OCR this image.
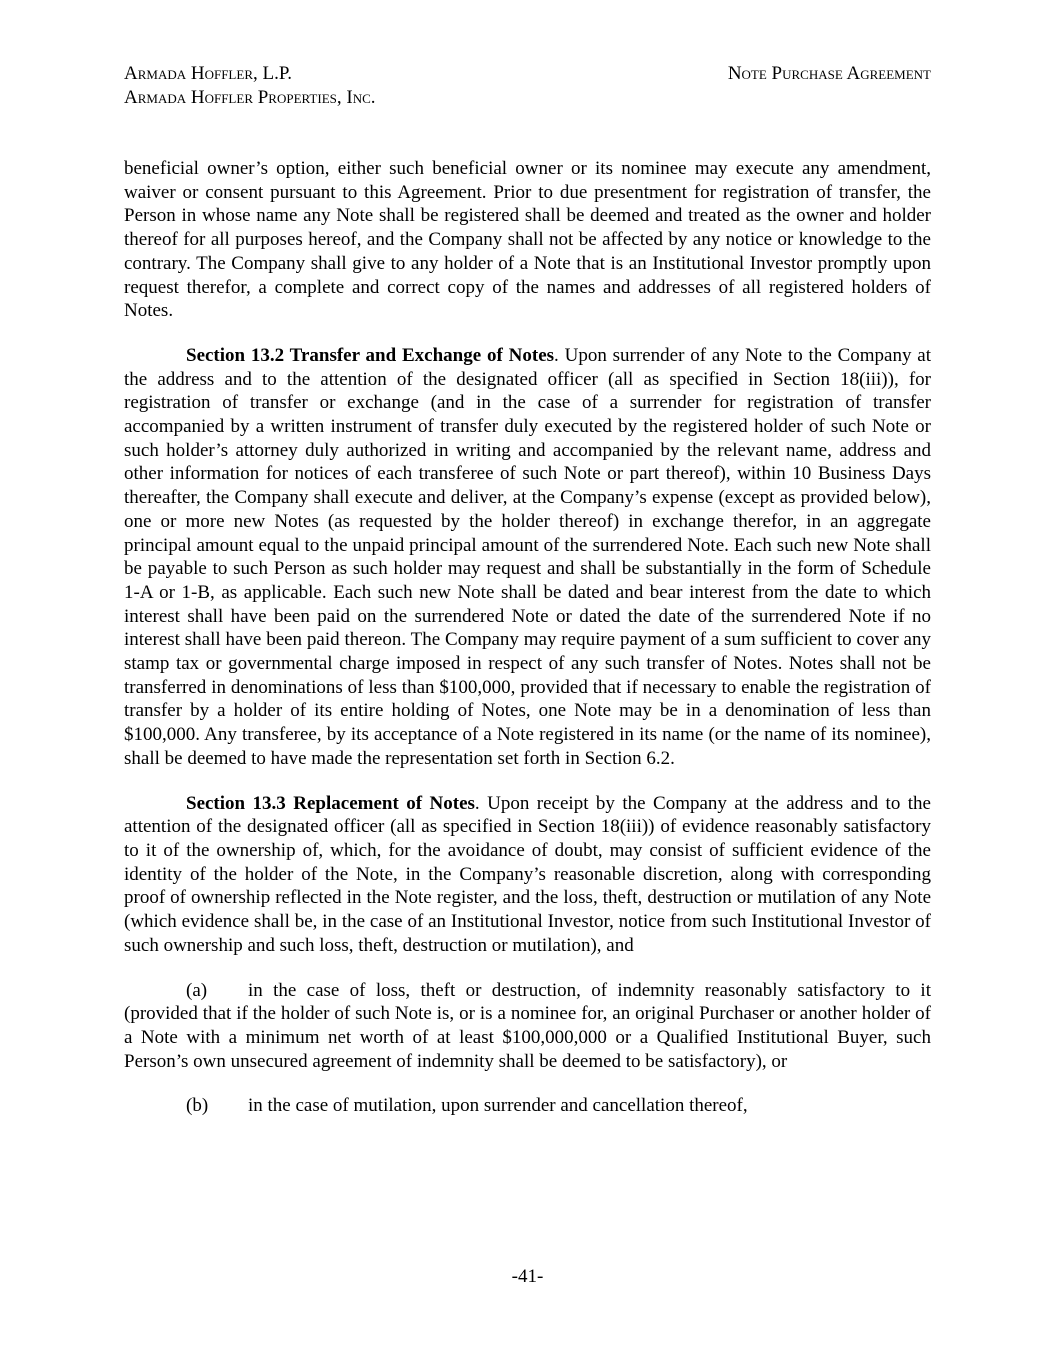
Armada Hoffler, L.P.
Armada Hoffler Properties, Inc.
Note Purchase Agreement

beneficial owner’s option, either such beneficial owner or its nominee may execute any amendment, waiver or consent pursuant to this Agreement. Prior to due presentment for registration of transfer, the Person in whose name any Note shall be registered shall be deemed and treated as the owner and holder thereof for all purposes hereof, and the Company shall not be affected by any notice or knowledge to the contrary. The Company shall give to any holder of a Note that is an Institutional Investor promptly upon request therefor, a complete and correct copy of the names and addresses of all registered holders of Notes.

Section 13.2 Transfer and Exchange of Notes. Upon surrender of any Note to the Company at the address and to the attention of the designated officer (all as specified in Section 18(iii)), for registration of transfer or exchange (and in the case of a surrender for registration of transfer accompanied by a written instrument of transfer duly executed by the registered holder of such Note or such holder’s attorney duly authorized in writing and accompanied by the relevant name, address and other information for notices of each transferee of such Note or part thereof), within 10 Business Days thereafter, the Company shall execute and deliver, at the Company’s expense (except as provided below), one or more new Notes (as requested by the holder thereof) in exchange therefor, in an aggregate principal amount equal to the unpaid principal amount of the surrendered Note. Each such new Note shall be payable to such Person as such holder may request and shall be substantially in the form of Schedule 1-A or 1-B, as applicable. Each such new Note shall be dated and bear interest from the date to which interest shall have been paid on the surrendered Note or dated the date of the surrendered Note if no interest shall have been paid thereon. The Company may require payment of a sum sufficient to cover any stamp tax or governmental charge imposed in respect of any such transfer of Notes. Notes shall not be transferred in denominations of less than $100,000, provided that if necessary to enable the registration of transfer by a holder of its entire holding of Notes, one Note may be in a denomination of less than $100,000. Any transferee, by its acceptance of a Note registered in its name (or the name of its nominee), shall be deemed to have made the representation set forth in Section 6.2.

Section 13.3 Replacement of Notes. Upon receipt by the Company at the address and to the attention of the designated officer (all as specified in Section 18(iii)) of evidence reasonably satisfactory to it of the ownership of, which, for the avoidance of doubt, may consist of sufficient evidence of the identity of the holder of the Note, in the Company’s reasonable discretion, along with corresponding proof of ownership reflected in the Note register, and the loss, theft, destruction or mutilation of any Note (which evidence shall be, in the case of an Institutional Investor, notice from such Institutional Investor of such ownership and such loss, theft, destruction or mutilation), and

(a) in the case of loss, theft or destruction, of indemnity reasonably satisfactory to it (provided that if the holder of such Note is, or is a nominee for, an original Purchaser or another holder of a Note with a minimum net worth of at least $100,000,000 or a Qualified Institutional Buyer, such Person’s own unsecured agreement of indemnity shall be deemed to be satisfactory), or

(b) in the case of mutilation, upon surrender and cancellation thereof,

-41-
